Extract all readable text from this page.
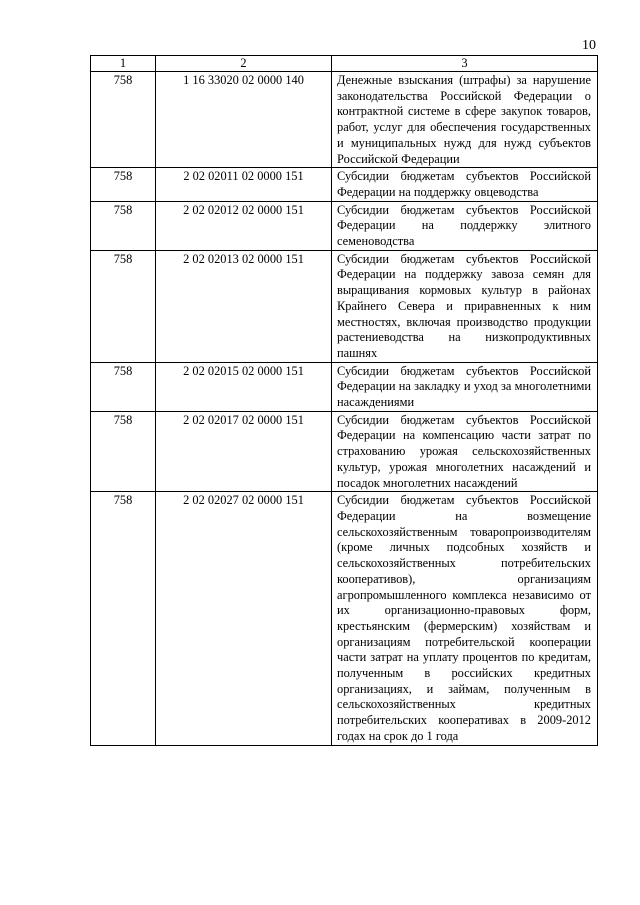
10
1	2	3
758	1 16 33020 02 0000 140	Денежные взыскания (штрафы) за нарушение законодательства Российской Федерации о контрактной системе в сфере закупок товаров, работ, услуг для обеспечения государственных и муниципальных нужд для нужд субъектов Российской Федерации
758	2 02 02011 02 0000 151	Субсидии бюджетам субъектов Российской Федерации на поддержку овцеводства
758	2 02 02012 02 0000 151	Субсидии бюджетам субъектов Российской Федерации на поддержку элитного семеноводства
758	2 02 02013 02 0000 151	Субсидии бюджетам субъектов Российской Федерации на поддержку завоза семян для выращивания кормовых культур в районах Крайнего Севера и приравненных к ним местностях, включая производство продукции растениеводства на низкопродуктивных пашнях
758	2 02 02015 02 0000 151	Субсидии бюджетам субъектов Российской Федерации на закладку и уход за многолетними насаждениями
758	2 02 02017 02 0000 151	Субсидии бюджетам субъектов Российской Федерации на компенсацию части затрат по страхованию урожая сельскохозяйственных культур, урожая многолетних насаждений и посадок многолетних насаждений
758	2 02 02027 02 0000 151	Субсидии бюджетам субъектов Российской Федерации на возмещение сельскохозяйственным товаропроизводителям (кроме личных подсобных хозяйств и сельскохозяйственных потребительских кооперативов), организациям агропромышленного комплекса независимо от их организационно-правовых форм, крестьянским (фермерским) хозяйствам и организациям потребительской кооперации части затрат на уплату процентов по кредитам, полученным в российских кредитных организациях, и займам, полученным в сельскохозяйственных кредитных потребительских кооперативах в 2009-2012 годах на срок до 1 года
